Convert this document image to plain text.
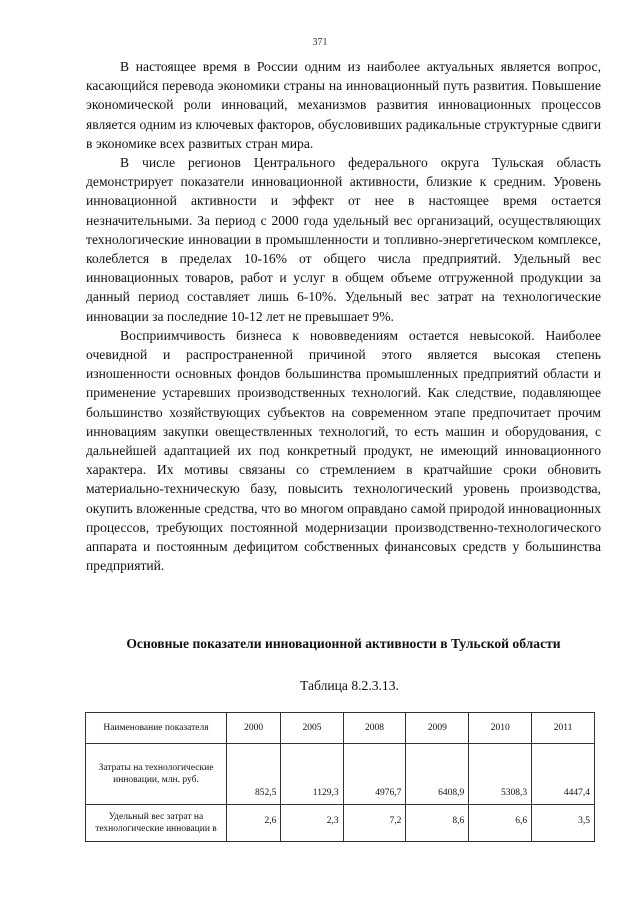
371

В настоящее время в России одним из наиболее актуальных является вопрос, касающийся перевода экономики страны на инновационный путь развития. Повышение экономической роли инноваций, механизмов развития инновационных процессов является одним из ключевых факторов, обусловивших радикальные структурные сдвиги в экономике всех развитых стран мира.

В числе регионов Центрального федерального округа Тульская область демонстрирует показатели инновационной активности, близкие к средним. Уровень инновационной активности и эффект от нее в настоящее время остается незначительными. За период с 2000 года удельный вес организаций, осуществляющих технологические инновации в промышленности и топливно-энергетическом комплексе, колеблется в пределах 10-16% от общего числа предприятий. Удельный вес инновационных товаров, работ и услуг в общем объеме отгруженной продукции за данный период составляет лишь 6-10%. Удельный вес затрат на технологические инновации за последние 10-12 лет не превышает 9%.

Восприимчивость бизнеса к нововведениям остается невысокой. Наиболее очевидной и распространенной причиной этого является высокая степень изношенности основных фондов большинства промышленных предприятий области и применение устаревших производственных технологий. Как следствие, подавляющее большинство хозяйствующих субъектов на современном этапе предпочитает прочим инновациям закупки овеществленных технологий, то есть машин и оборудования, с дальнейшей адаптацией их под конкретный продукт, не имеющий инновационного характера. Их мотивы связаны со стремлением в кратчайшие сроки обновить материально-техническую базу, повысить технологический уровень производства, окупить вложенные средства, что во многом оправдано самой природой инновационных процессов, требующих постоянной модернизации производственно-технологического аппарата и постоянным дефицитом собственных финансовых средств у большинства предприятий.

Основные показатели инновационной активности в Тульской области
Таблица 8.2.3.13.
Наименование показателя	2000	2005	2008	2009	2010	2011
Затраты на технологические инновации, млн. руб.	852,5	1129,3	4976,7	6408,9	5308,3	4447,4
Удельный вес затрат на технологические инновации в	2,6	2,3	7,2	8,6	6,6	3,5
